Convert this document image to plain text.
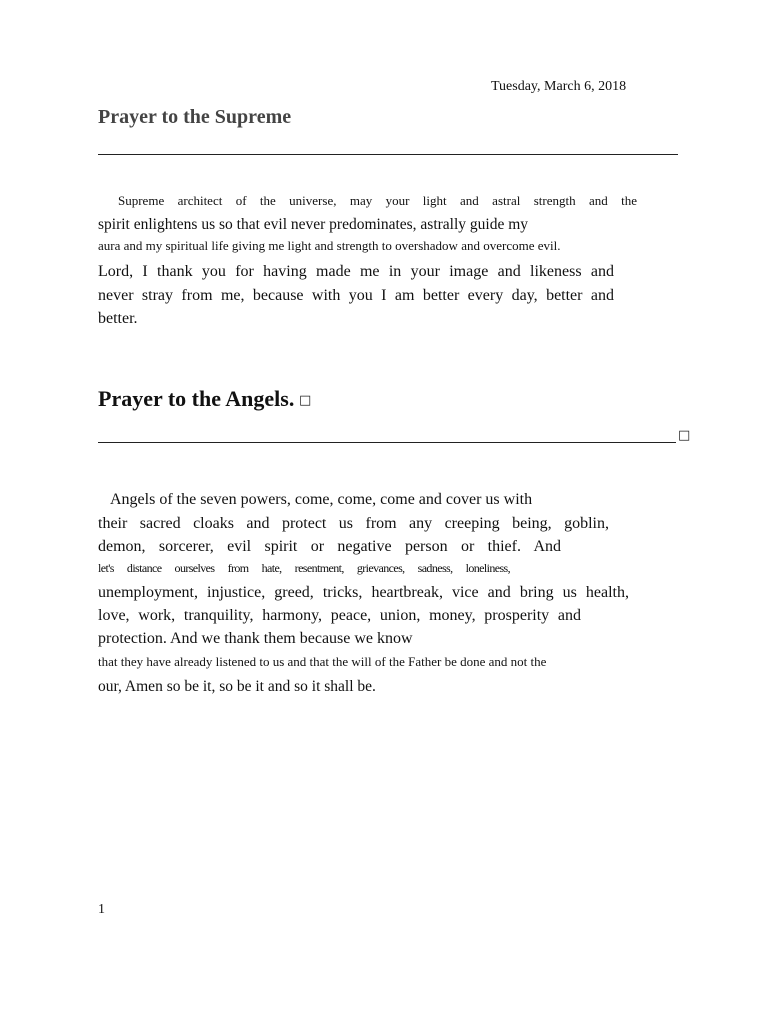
Tuesday, March 6, 2018
Prayer to the Supreme
Supreme architect of the universe, may your light and astral strength and the
spirit enlightens us so that evil never predominates, astrally guide my
aura and my spiritual life giving me light and strength to overshadow and overcome evil.
Lord, I thank you for having made me in your image and likeness and
never stray from me, because with you I am better every day, better and
better.
Prayer to the Angels. □
□
Angels of the seven powers, come, come, come and cover us with
their sacred cloaks and protect us from any creeping being, goblin,
demon, sorcerer, evil spirit or negative person or thief. And
let's distance ourselves from hate, resentment, grievances, sadness, loneliness,
unemployment, injustice, greed, tricks, heartbreak, vice and bring us health,
love, work, tranquility, harmony, peace, union, money, prosperity and
protection. And we thank them because we know
that they have already listened to us and that the will of the Father be done and not the
our, Amen so be it, so be it and so it shall be.
1
